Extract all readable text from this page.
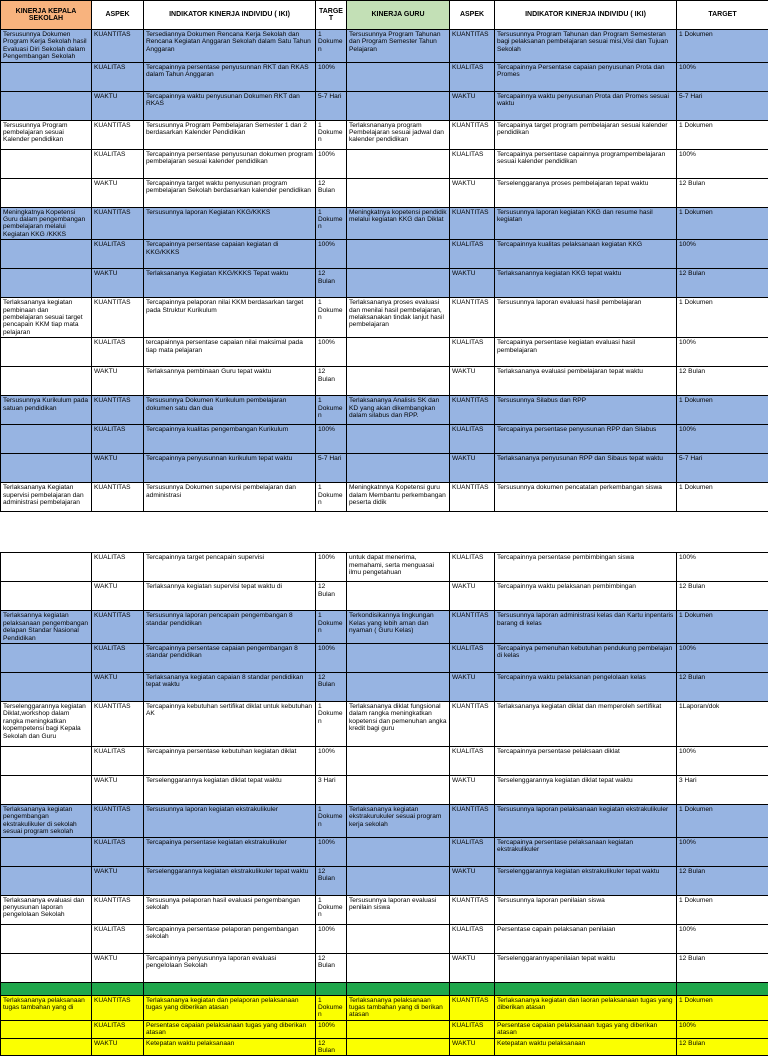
KINERJA KEPALA SEKOLAH	ASPEK	INDIKATOR KINERJA INDIVIDU ( IKI)	TARGET	KINERJA GURU	ASPEK	INDIKATOR KINERJA INDIVIDU ( IKI)	TARGET
Tersusunnya Dokumen Program Kerja Sekolah hasil Evaluasi Diri Sekolah dalam Pengembangan Sekolah	KUANTITAS	Tersediannya Dokumen Rencana Kerja Sekolah dan Rencana Kegiatan Anggaran Sekolah dalam Satu Tahun Anggaran	1 Dokumen	Tersusunnya Program Tahunan dan Program Semester Tahun Pelajaran	KUANTITAS	Tersusunnya Program Tahunan dan Program Semesteran bagi pelaksanan pembelajaran sesuai misi,Visi dan Tujuan Sekolah	1 Dokumen
	KUALITAS	Tercapainnya persentase penyusunnan RKT dan RKAS dalam Tahun Anggaran	100%		KUALITAS	Tercapainnya Persentase capaian penyusunan Prota dan Promes	100%
	WAKTU	Tercapainnya waktu penyusunan Dokumen RKT dan RKAS	5-7 Hari		WAKTU	Tercapainnya waktu penyusunan Prota dan Promes sesuai waktu	5-7 Hari
Tersusunnya Program pembelajaran sesuai Kalender pendidikan	KUANTITAS	Tersusunnya Program Pembelajaran Semester 1 dan 2 berdasarkan Kalender Pendidikan	1 Dokumen	Terlaksnananya program Pembelajaran sesuai jadwal dan kalender pendidikan	KUANTITAS	Tercapainya target program pembelajaran sesuai kalender pendidikan	1 Dokumen
	KUALITAS	Tercapainnya persentase penyusunan dokumen program pembelajaran sesuai kalender pendidikan	100%		KUALITAS	Tercapainya persentase capainnya programpembelajaran sesuai kalender pendidikan	100%
	WAKTU	Tercapainnya target waktu penyusunan program pembelajaran Sekolah berdasarkan kalender pendidikan	12 Bulan		WAKTU	Terselenggaranya proses pembelajaran tepat waktu	12 Bulan
Meningkatnya Kopetensi Guru dalam pengembangan pembelajaran melalui Kegiatan KKG /KKKS	KUANTITAS	Tersusunnya laporan Kegiatan KKG/KKKS	1 Dokumen	Meningkatnya kopetensi pendidik melalui kegiatan KKG dan Diklat	KUANTITAS	Tersusunnya laporan kegiatan KKG dan resume hasil kegiatan	1 Dokumen
	KUALITAS	Tercapainnya persentase capaian kegiatan di KKG/KKKS	100%		KUALITAS	Tercapainnya kualitas pelaksanaan kegiatan KKG	100%
	WAKTU	Terlaksananya Kegiatan KKG/KKKS Tepat waktu	12 Bulan		WAKTU	Terlaksanannya kegiatan KKG tepat waktu	12 Bulan
Terlaksananya kegiatan pembinaan dan pembelajaran sesuai target pencapain KKM tiap mata pelajaran	KUANTITAS	Tercapainnya pelaporan nilai KKM berdasarkan target pada Struktur Kurikulum	1 Dokumen	Terlaksananya proses evaluasi dan menilai hasil pembelajaran, melaksanakan tindak lanjut hasil pembelajaran	KUANTITAS	Tersusunnya laporan evaluasi hasil pembelajaran	1 Dokumen
	KUALITAS	tercapainnya persentase capaian nilai maksimal pada tiap mata pelajaran	100%		KUALITAS	Tercapainya persentase kegiatan evaluasi hasil pembelajaran	100%
	WAKTU	Terlaksannya pembinaan Guru tepat waktu	12 Bulan		WAKTU	Terlaksananya evaluasi pembelajaran tepat waktu	12 Bulan
Tersusunnya Kurikulum pada satuan pendidikan	KUANTITAS	Tersusunnya Dokumen Kurikulum pembelajaran dokumen satu dan dua	1 Dokumen	Terlaksananya Analisis SK dan KD yang akan dikembangkan dalam silabus dan RPP.	KUANTITAS	Tersusunnya Silabus dan RPP	1 Dokumen
	KUALITAS	Tercapainnya kualitas pengembangan Kurikulum	100%		KUALITAS	Tercapainya persentase penyusunan RPP dan Silabus	100%
	WAKTU	Tercapainnya penyusunnan kurikulum tepat waktu	5-7 Hari		WAKTU	Terlaksananya penyusunan RPP dan Sibaus tepat waktu	5-7 Hari
Terlaksananya Kegiatan supervisi pembelajaran dan administrasi pembelajaran	KUANTITAS	Tersusunnya Dokumen supervisi pembelajaran dan administrasi	1 Dokumen	Meningkatnnya Kopetensi guru dalam Membantu perkembangan peserta didik	KUANTITAS	Tersusunnya dokumen pencatatan perkembangan siswa	1 Dokumen
	KUALITAS	Tercapainnya target pencapain supervisi	100%	untuk dapat menerima, memahami, serta menguasai ilmu pengetahuan	KUALITAS	Tercapainnya persentase pembimbingan siswa	100%
	WAKTU	Terlaksannya kegiatan supervisi tepat waktu di	12 Bulan		WAKTU	Tercapainnya waktu pelaksanan pembimbingan	12 Bulan
Terlaksannya kegiatan pelaksanaan pengembangan delapan Standar Nasional Pendidikan	KUANTITAS	Tersusunnya laporan pencapain pengembangan 8 standar pendidikan	1 Dokumen	Terkondisikannya lingkungan Kelas yang lebih aman dan nyaman ( Guru Kelas)	KUANTITAS	Tersusunnya laporan administrasi kelas dan Kartu inpentaris barang di kelas	1 Dokumen
	KUALITAS	Tercapainnya persentase capaian pengembangan 8 standar pendidikan	100%		KUALITAS	Tercapainya pemenuhan kebutuhan pendukung pembelajan di kelas	100%
	WAKTU	Terlaksananya kegiatan capaian 8 standar pendidikan tepat waktu	12 Bulan		WAKTU	Tercapainnya waktu pelaksanan pengelolaan kelas	12 Bulan
Terselenggarannya kegiatan Diklat,workshop dalam rangka meningkatkan kopempetensi bagi Kepala Sekolah dan Guru	KUANTITAS	Tercapainnya kebutuhan sertifikat diklat untuk kebutuhan AK	1 Dokumen	Terlaksananya diklat fungsional dalam rangka meningkatkan kopetensi dan pemenuhan angka kredit bagi guru	KUANTITAS	Terlaksananya kegiatan diklat dan memperoleh sertifikat	1Laporan/dok
	KUALITAS	Tercapainnya persentase kebutuhan kegiatan diklat	100%		KUALITAS	Tercapainnya persentase pelaksaan diklat	100%
	WAKTU	Terselenggarannya kegiatan diklat tepat waktu	3 Hari		WAKTU	Terselenggarannya kegiatan diklat tepat waktu	3 Hari
Terlaksananya kegiatan pengembangan ekstrakulikuler di sekolah sesuai program sekolah	KUANTITAS	Tersusunnya laporan kegiatan ekstrakulikuler	1 Dokumen	Terlaksananya kegiatan ekstrakurukuler sesuai program kerja sekolah	KUANTITAS	Tersusunnya laporan pelaksanaan kegiatan ekstrakulikuler	1 Dokumen
	KUALITAS	Tercapainya persentase kegiatan ekstrakulikuler	100%		KUALITAS	Tercapainya persentase pelaksanaan kegiatan ekstrakulikuler	100%
	WAKTU	Terselenggarannya kegiatan ekstrakulikuler tepat waktu	12 Bulan		WAKTU	Terselenggarannya kegiatan ekstrakulikuler tepat waktu	12 Bulan
Terlaksananya evaluasi dan penyusunan laporan pengelolaan Sekolah	KUANTITAS	Tersusunya pelaporan hasil evaluasi pengembangan sekolah	1 Dokumen	Tersusunnya laporan evaluasi penilain siswa	KUANTITAS	Tersusunnya laporan penilaian siswa	1 Dokumen
	KUALITAS	Tercapainnya persentase pelaporan pengembangan sekolah	100%		KUALITAS	Persentase capain pelaksanan penilaian	100%
	WAKTU	Tercapainnya penyusunnya laporan evaluasi pengelolaan Sekolah	12 Bulan		WAKTU	Terselenggarannyapenilaian tepat waktu	12 Bulan

Terlaksananya pelaksanaan tugas tambahan yang di	KUANTITAS	Terlaksananya kegiatan dan pelaporan pelaksanaan tugas yang diberikan atasan	1 Dokumen	Terlaksananya pelaksanaan tugas tambahan yang di berikan atasan	KUANTITAS	Terlaksananya kegiatan dan laoran pelaksanaan tugas yang diberikan atasan	1 Dokumen
	KUALITAS	Persentase capaian pelaksanaan tugas yang diberikan atasan	100%		KUALITAS	Persentase capaian pelaksanaan tugas yang diberikan atasan	100%
	WAKTU	Ketepatan waktu pelaksanaan	12 Bulan		WAKTU	Ketepatan waktu pelaksanaan	12 Bulan
